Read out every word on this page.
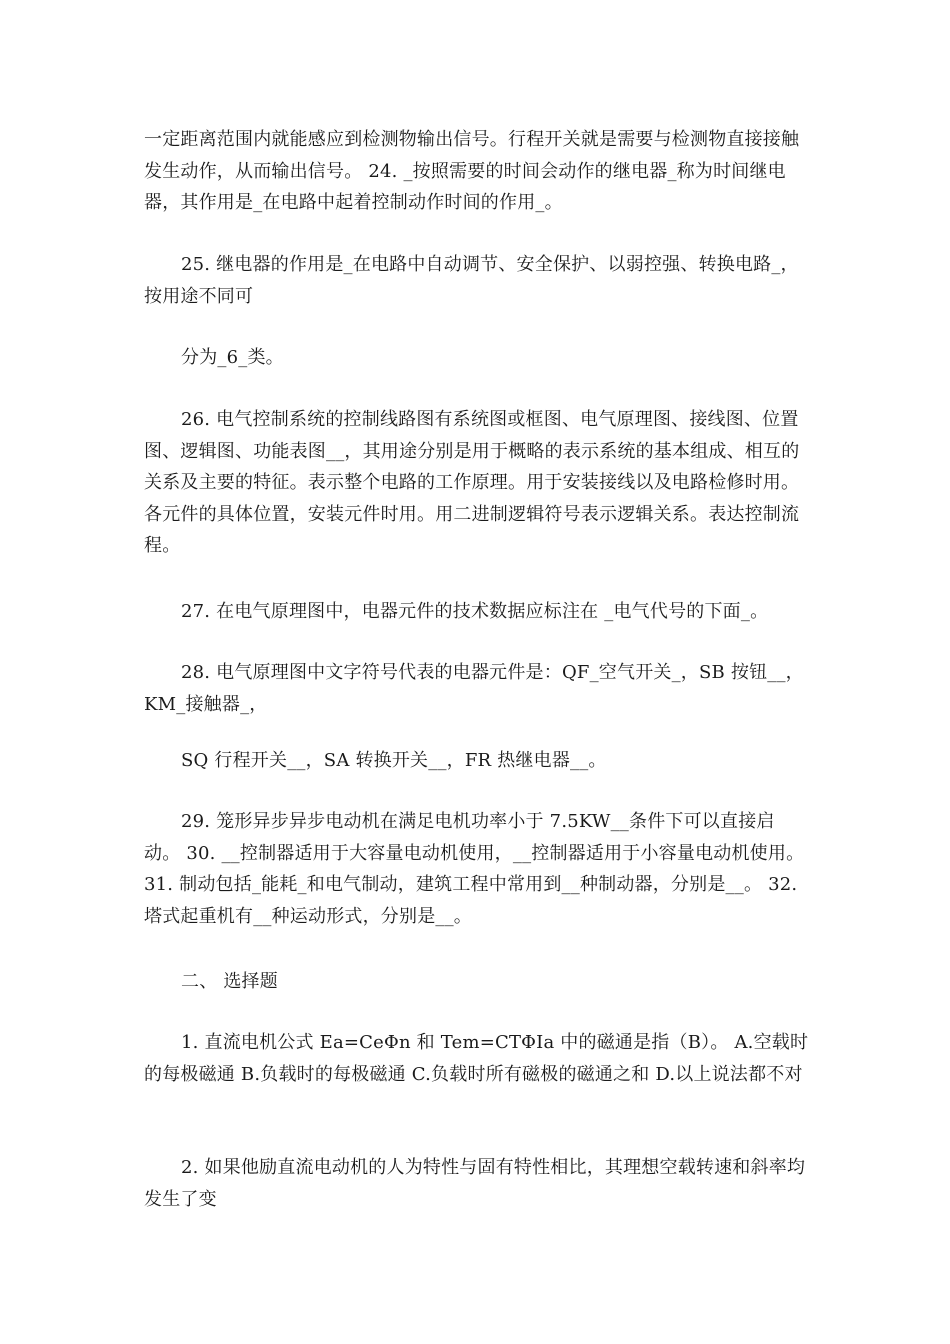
一定距离范围内就能感应到检测物输出信号。行程开关就是需要与检测物直接接触发生动作，从而输出信号。 24. _按照需要的时间会动作的继电器_称为时间继电器，其作用是_在电路中起着控制动作时间的作用_。
25. 继电器的作用是_在电路中自动调节、安全保护、以弱控强、转换电路_，按用途不同可
分为_6_类。
26. 电气控制系统的控制线路图有系统图或框图、电气原理图、接线图、位置图、逻辑图、功能表图__，其用途分别是用于概略的表示系统的基本组成、相互的关系及主要的特征。表示整个电路的工作原理。用于安装接线以及电路检修时用。各元件的具体位置，安装元件时用。用二进制逻辑符号表示逻辑关系。表达控制流程。
27. 在电气原理图中，电器元件的技术数据应标注在 _电气代号的下面_。
28. 电气原理图中文字符号代表的电器元件是：QF_空气开关_，SB 按钮__，KM_接触器_，
SQ 行程开关__，SA 转换开关__，FR 热继电器__。
29. 笼形异步异步电动机在满足电机功率小于 7.5KW__条件下可以直接启动。 30. __控制器适用于大容量电动机使用，__控制器适用于小容量电动机使用。 31. 制动包括_能耗_和电气制动，建筑工程中常用到__种制动器，分别是__。 32. 塔式起重机有__种运动形式，分别是__。
二、 选择题
1. 直流电机公式 Ea=CeΦn 和 Tem=CTΦIa 中的磁通是指（B）。 A.空载时的每极磁通 B.负载时的每极磁通 C.负载时所有磁极的磁通之和 D.以上说法都不对
2. 如果他励直流电动机的人为特性与固有特性相比，其理想空载转速和斜率均发生了变
